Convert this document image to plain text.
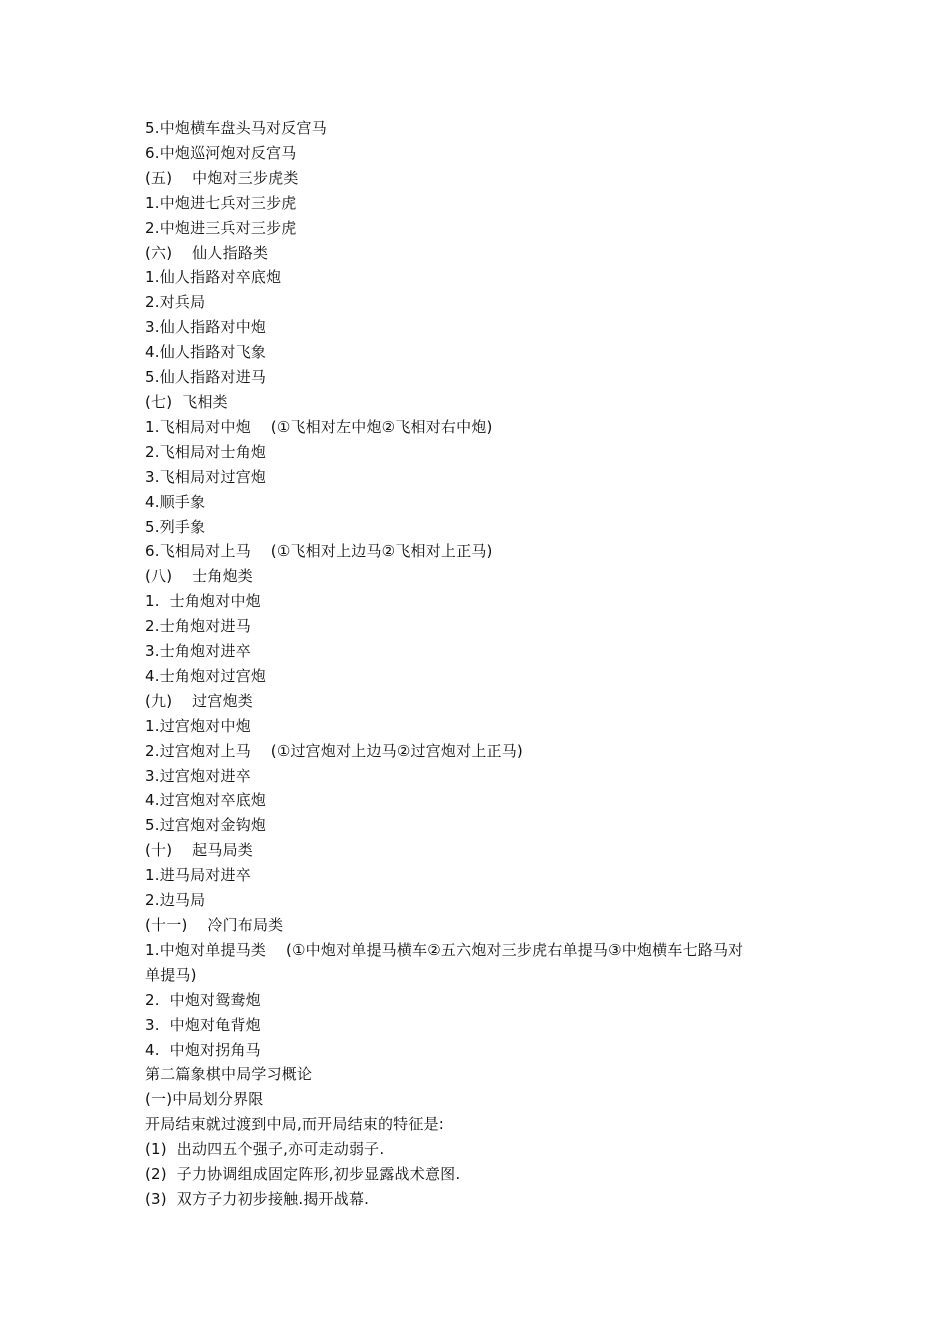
5.中炮横车盘头马对反宫马
6.中炮巡河炮对反宫马
(五)    中炮对三步虎类
1.中炮进七兵对三步虎
2.中炮进三兵对三步虎
(六)    仙人指路类
1.仙人指路对卒底炮
2.对兵局
3.仙人指路对中炮
4.仙人指路对飞象
5.仙人指路对进马
(七)  飞相类
1.飞相局对中炮    (①飞相对左中炮②飞相对右中炮)
2.飞相局对士角炮
3.飞相局对过宫炮
4.顺手象
5.列手象
6.飞相局对上马    (①飞相对上边马②飞相对上正马)
(八)    士角炮类
1.  士角炮对中炮
2.士角炮对进马
3.士角炮对进卒
4.士角炮对过宫炮
(九)    过宫炮类
1.过宫炮对中炮
2.过宫炮对上马    (①过宫炮对上边马②过宫炮对上正马)
3.过宫炮对进卒
4.过宫炮对卒底炮
5.过宫炮对金钩炮
(十)    起马局类
1.进马局对进卒
2.边马局
(十一)    冷门布局类
1.中炮对单提马类    (①中炮对单提马横车②五六炮对三步虎右单提马③中炮横车七路马对
单提马)
2.  中炮对鸳鸯炮
3.  中炮对龟背炮
4.  中炮对拐角马
第二篇象棋中局学习概论
(一)中局划分界限
开局结束就过渡到中局,而开局结束的特征是:
(1)  出动四五个强子,亦可走动弱子.
(2)  子力协调组成固定阵形,初步显露战术意图.
(3)  双方子力初步接触.揭开战幕.
